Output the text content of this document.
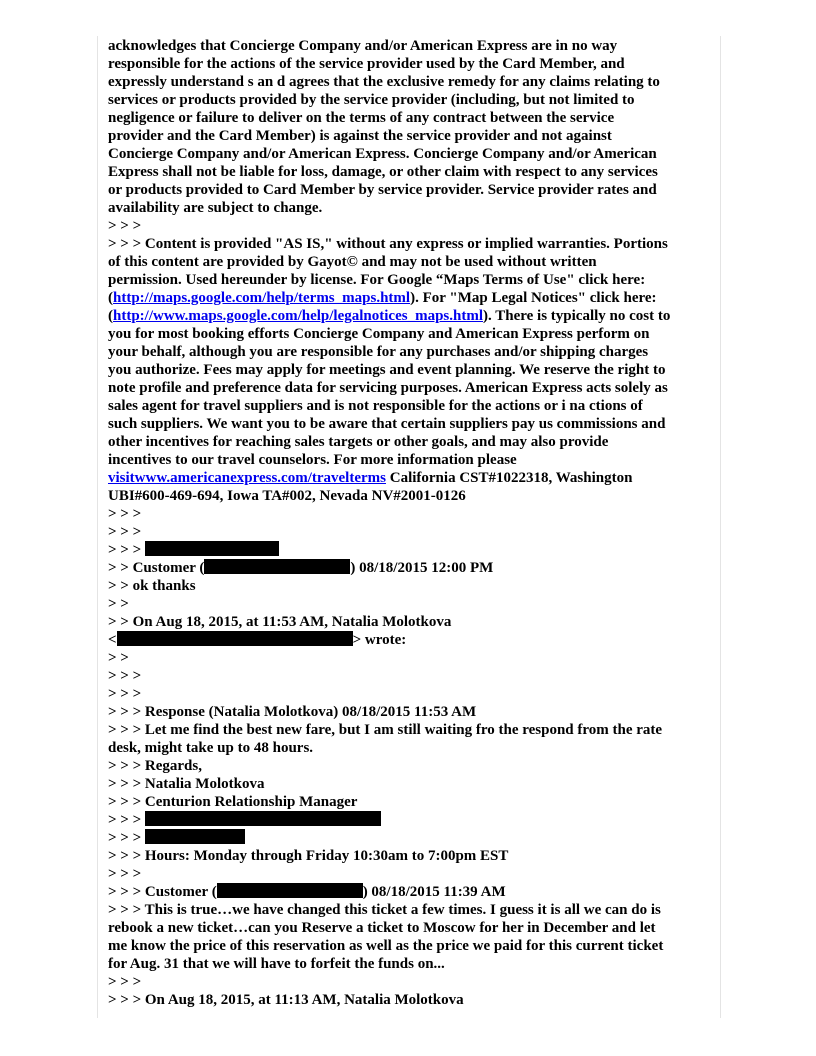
acknowledges that Concierge Company and/or American Express are in no way
responsible for the actions of the service provider used by the Card Member, and
expressly understand s an d agrees that the exclusive remedy for any claims relating to
services or products provided by the service provider (including, but not limited to
negligence or failure to deliver on the terms of any contract between the service
provider and the Card Member) is against the service provider and not against
Concierge Company and/or American Express. Concierge Company and/or American
Express shall not be liable for loss, damage, or other claim with respect to any services
or products provided to Card Member by service provider. Service provider rates and
availability are subject to change.
> > >
> > > Content is provided "AS IS," without any express or implied warranties. Portions
of this content are provided by Gayot© and may not be used without written
permission. Used hereunder by license. For Google “Maps Terms of Use" click here:
(http://maps.google.com/help/terms_maps.html). For "Map Legal Notices" click here:
(http://www.maps.google.com/help/legalnotices_maps.html). There is typically no cost to
you for most booking efforts Concierge Company and American Express perform on
your behalf, although you are responsible for any purchases and/or shipping charges
you authorize. Fees may apply for meetings and event planning. We reserve the right to
note profile and preference data for servicing purposes. American Express acts solely as
sales agent for travel suppliers and is not responsible for the actions or i na ctions of
such suppliers. We want you to be aware that certain suppliers pay us commissions and
other incentives for reaching sales targets or other goals, and may also provide
incentives to our travel counselors. For more information please
visitwww.americanexpress.com/travelterms California CST#1022318, Washington
UBI#600-469-694, Iowa TA#002, Nevada NV#2001-0126
> > >
> > >
> > >
> > Customer (	) 08/18/2015 12:00 PM
> > ok thanks
> >
> > On Aug 18, 2015, at 11:53 AM, Natalia Molotkova
<	> wrote:
> >
> > >
> > >
> > > Response (Natalia Molotkova) 08/18/2015 11:53 AM
> > > Let me find the best new fare, but I am still waiting fro the respond from the rate
desk, might take up to 48 hours.
> > > Regards,
> > > Natalia Molotkova
> > > Centurion Relationship Manager
> > >
> > >
> > > Hours: Monday through Friday 10:30am to 7:00pm EST
> > >
> > > Customer (	) 08/18/2015 11:39 AM
> > > This is true…we have changed this ticket a few times. I guess it is all we can do is
rebook a new ticket…can you Reserve a ticket to Moscow for her in December and let
me know the price of this reservation as well as the price we paid for this current ticket
for Aug. 31 that we will have to forfeit the funds on...
> > >
> > > On Aug 18, 2015, at 11:13 AM, Natalia Molotkova
